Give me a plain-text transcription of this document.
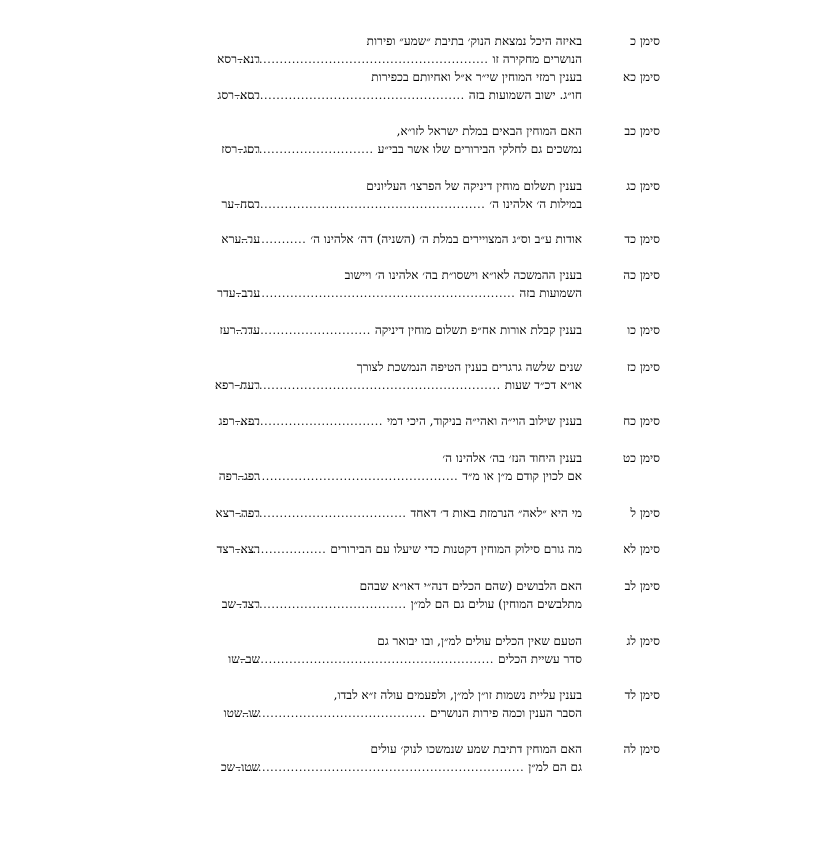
סימן כ
באיזה היכל נמצאת הנוק׳ בתיבת ״שמע״ ופירות
הנושרים מחקירה זו
.....
רנא–רסא
סימן כא
בענין רמזי המוחין שי״ר א״ל ואחיותם בכפירות
חו״ג. ישוב השמועות בזה
.....
רסא–רסג
סימן כב
האם המוחין הבאים במלת ישראל לזו״א,
נמשכים גם לחלקי הבירורים שלו אשר בבי״ע
.....
רסג–רסז
סימן כג
בענין תשלום מוחין דיניקה של הפרצו׳ העליונים
במילות ה׳ אלהינו ה׳
.....
רסח–ער
סימן כד
אודות ע״ב וס״ג המצויירים במלת ה׳ (השניה) דה׳ אלהינו ה׳
.....
ער–ערא
סימן כה
בענין ההמשכה לאו״א וישסו״ת בה׳ אלהינו ה׳ ויישוב
השמועות בזה
.....
ערב–עדר
סימן כו
בענין קבלת אורות אח״פ תשלום מוחין דיניקה
.....
עדר–רעז
סימן כז
שנים שלשה גרגרים בענין הטיפה הנמשכת לצורך
או״א דכ״ד שעות
.....
רעח–רפא
סימן כח
בענין שילוב הוי״ה ואהי״ה בניקוד, היכי דמי
.....
רפא–רפג
סימן כט
בענין היחוד הנז׳ בה׳ אלהינו ה׳
אם לכוין קודם מ״ן או מ״ד
.....
רפג–רפה
סימן ל
מי היא ״לאה״ הנרמזת באות ד׳ דאחד
.....
רפה–רצא
סימן לא
מה גורם סילוק המוחין דקטנות כדי שיעלו עם הבירורים
.....
רצא–רצד
סימן לב
האם הלבושים (שהם הכלים דנה״י דאו״א שבהם
מתלבשים המוחין) עולים גם הם למ״ן
.....
רצד–שב
סימן לג
הטעם שאין הכלים עולים למ״ן, ובו יבואר גם
סדר עשיית הכלים
.....
שב–שו
סימן לד
בענין עליית נשמות זו״ן למ״ן, ולפעמים עולה ז״א לבדו,
הסבר הענין וכמה פירות הנושרים
.....
שו–שטו
סימן לה
האם המוחין דתיבת שמע שנמשכו לנוק׳ עולים
גם הם למ״ן
.....
שטו–שכ
